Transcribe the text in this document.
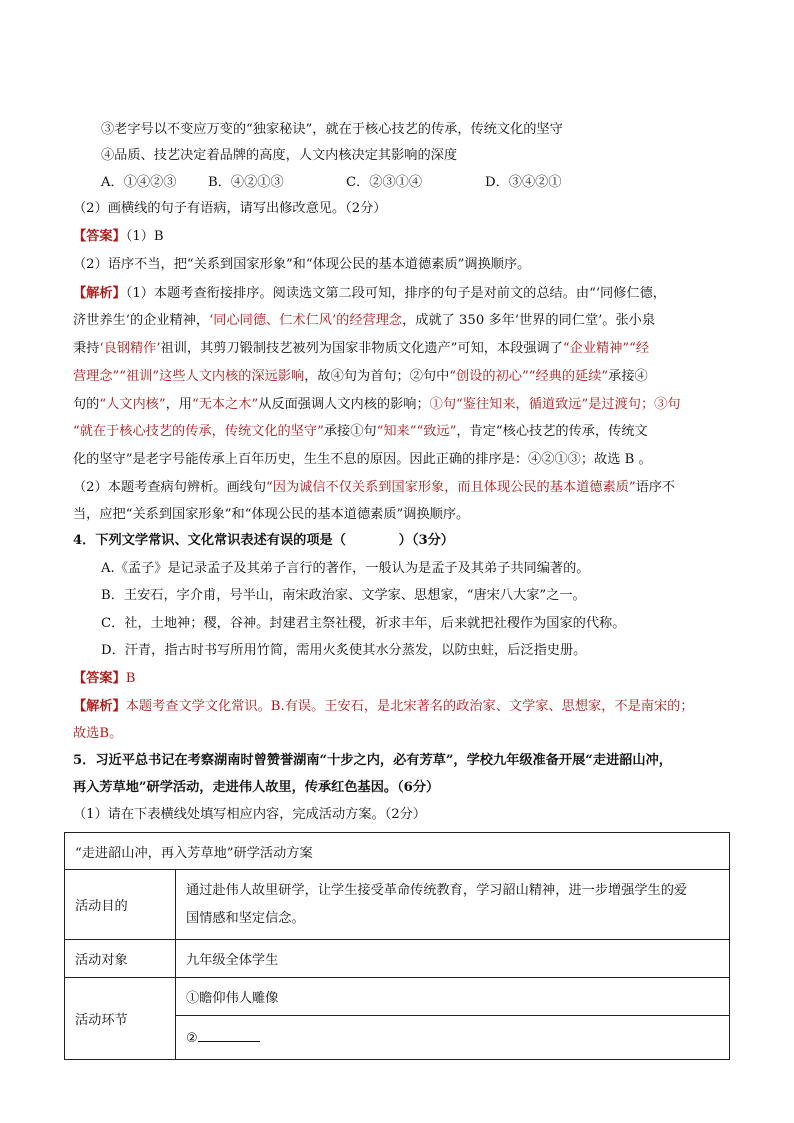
③老字号以不变应万变的“独家秘诀”，就在于核心技艺的传承，传统文化的坚守
④品质、技艺决定着品牌的高度，人文内核决定其影响的深度
A．①④②③ B．④②①③	C．②③①④	D．③④②①
（2）画横线的句子有语病，请写出修改意见。（2分）
【答案】（1）B
（2）语序不当，把“关系到国家形象”和“体现公民的基本道德素质”调换顺序。
【解析】（1）本题考查衔接排序。阅读选文第二段可知，排序的句子是对前文的总结。由“‘同修仁德，
济世养生’的企业精神，‘同心同德、仁术仁风’的经营理念，成就了 350 多年‘世界的同仁堂’。张小泉
秉持‘良钢精作’祖训，其剪刀锻制技艺被列为国家非物质文化遗产”可知，本段强调了“企业精神”“经
营理念”“祖训”这些人文内核的深远影响，故④句为首句；②句中“创设的初心”“经典的延续”承接④
句的“人文内核”，用“无本之木”从反面强调人文内核的影响；①句“鉴往知来，循道致远”是过渡句；③句
“就在于核心技艺的传承，传统文化的坚守”承接①句“知来”“致远”，肯定“核心技艺的传承，传统文
化的坚守”是老字号能传承上百年历史，生生不息的原因。因此正确的排序是：④②①③；故选 B 。
（2）本题考查病句辨析。画线句“因为诚信不仅关系到国家形象，而且体现公民的基本道德素质”语序不
当，应把“关系到国家形象”和“体现公民的基本道德素质”调换顺序。
4．下列文学常识、文化常识表述有误的项是（　　　　）（3分）
A.《孟子》是记录孟子及其弟子言行的著作，一般认为是孟子及其弟子共同编著的。
B．王安石，字介甫，号半山，南宋政治家、文学家、思想家，“唐宋八大家”之一。
C．社，土地神；稷，谷神。封建君主祭社稷，祈求丰年，后来就把社稷作为国家的代称。
D．汗青，指古时书写所用竹简，需用火炙使其水分蒸发，以防虫蛀，后泛指史册。
【答案】B
【解析】本题考查文学文化常识。B.有误。王安石，是北宋著名的政治家、文学家、思想家，不是南宋的；
故选B。
5．习近平总书记在考察湖南时曾赞誉湖南“十步之内，必有芳草”，学校九年级准备开展“走进韶山冲，
再入芳草地”研学活动，走进伟人故里，传承红色基因。（6分）
（1）请在下表横线处填写相应内容，完成活动方案。（2分）
“走进韶山冲，再入芳草地”研学活动方案	
活动目的	通过赴伟人故里研学，让学生接受革命传统教育，学习韶山精神，进一步增强学生的爱
国情感和坚定信念。

活动对象	九年级全体学生
活动环节	①瞻仰伟人雕像
	②
